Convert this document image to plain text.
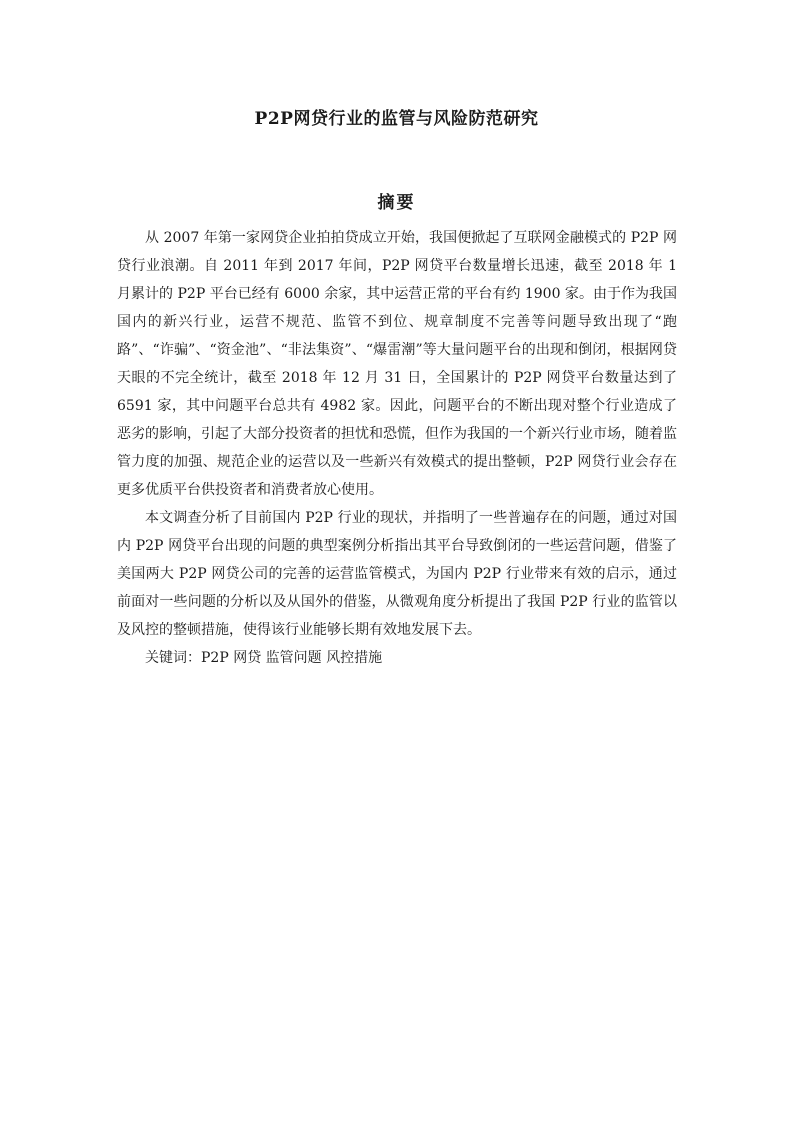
P2P网贷行业的监管与风险防范研究
摘要

从 2007 年第一家网贷企业拍拍贷成立开始，我国便掀起了互联网金融模式的 P2P 网贷行业浪潮。自 2011 年到 2017 年间，P2P 网贷平台数量增长迅速，截至 2018 年 1 月累计的 P2P 平台已经有 6000 余家，其中运营正常的平台有约 1900 家。由于作为我国国内的新兴行业，运营不规范、监管不到位、规章制度不完善等问题导致出现了“跑路”、“诈骗”、“资金池”、“非法集资”、“爆雷潮”等大量问题平台的出现和倒闭，根据网贷天眼的不完全统计，截至 2018 年 12 月 31 日，全国累计的 P2P 网贷平台数量达到了 6591 家，其中问题平台总共有 4982 家。因此，问题平台的不断出现对整个行业造成了恶劣的影响，引起了大部分投资者的担忧和恐慌，但作为我国的一个新兴行业市场，随着监管力度的加强、规范企业的运营以及一些新兴有效模式的提出整顿，P2P 网贷行业会存在更多优质平台供投资者和消费者放心使用。

本文调查分析了目前国内 P2P 行业的现状，并指明了一些普遍存在的问题，通过对国内 P2P 网贷平台出现的问题的典型案例分析指出其平台导致倒闭的一些运营问题，借鉴了美国两大 P2P 网贷公司的完善的运营监管模式，为国内 P2P 行业带来有效的启示，通过前面对一些问题的分析以及从国外的借鉴，从微观角度分析提出了我国 P2P 行业的监管以及风控的整顿措施，使得该行业能够长期有效地发展下去。

关键词：P2P 网贷 监管问题 风控措施
